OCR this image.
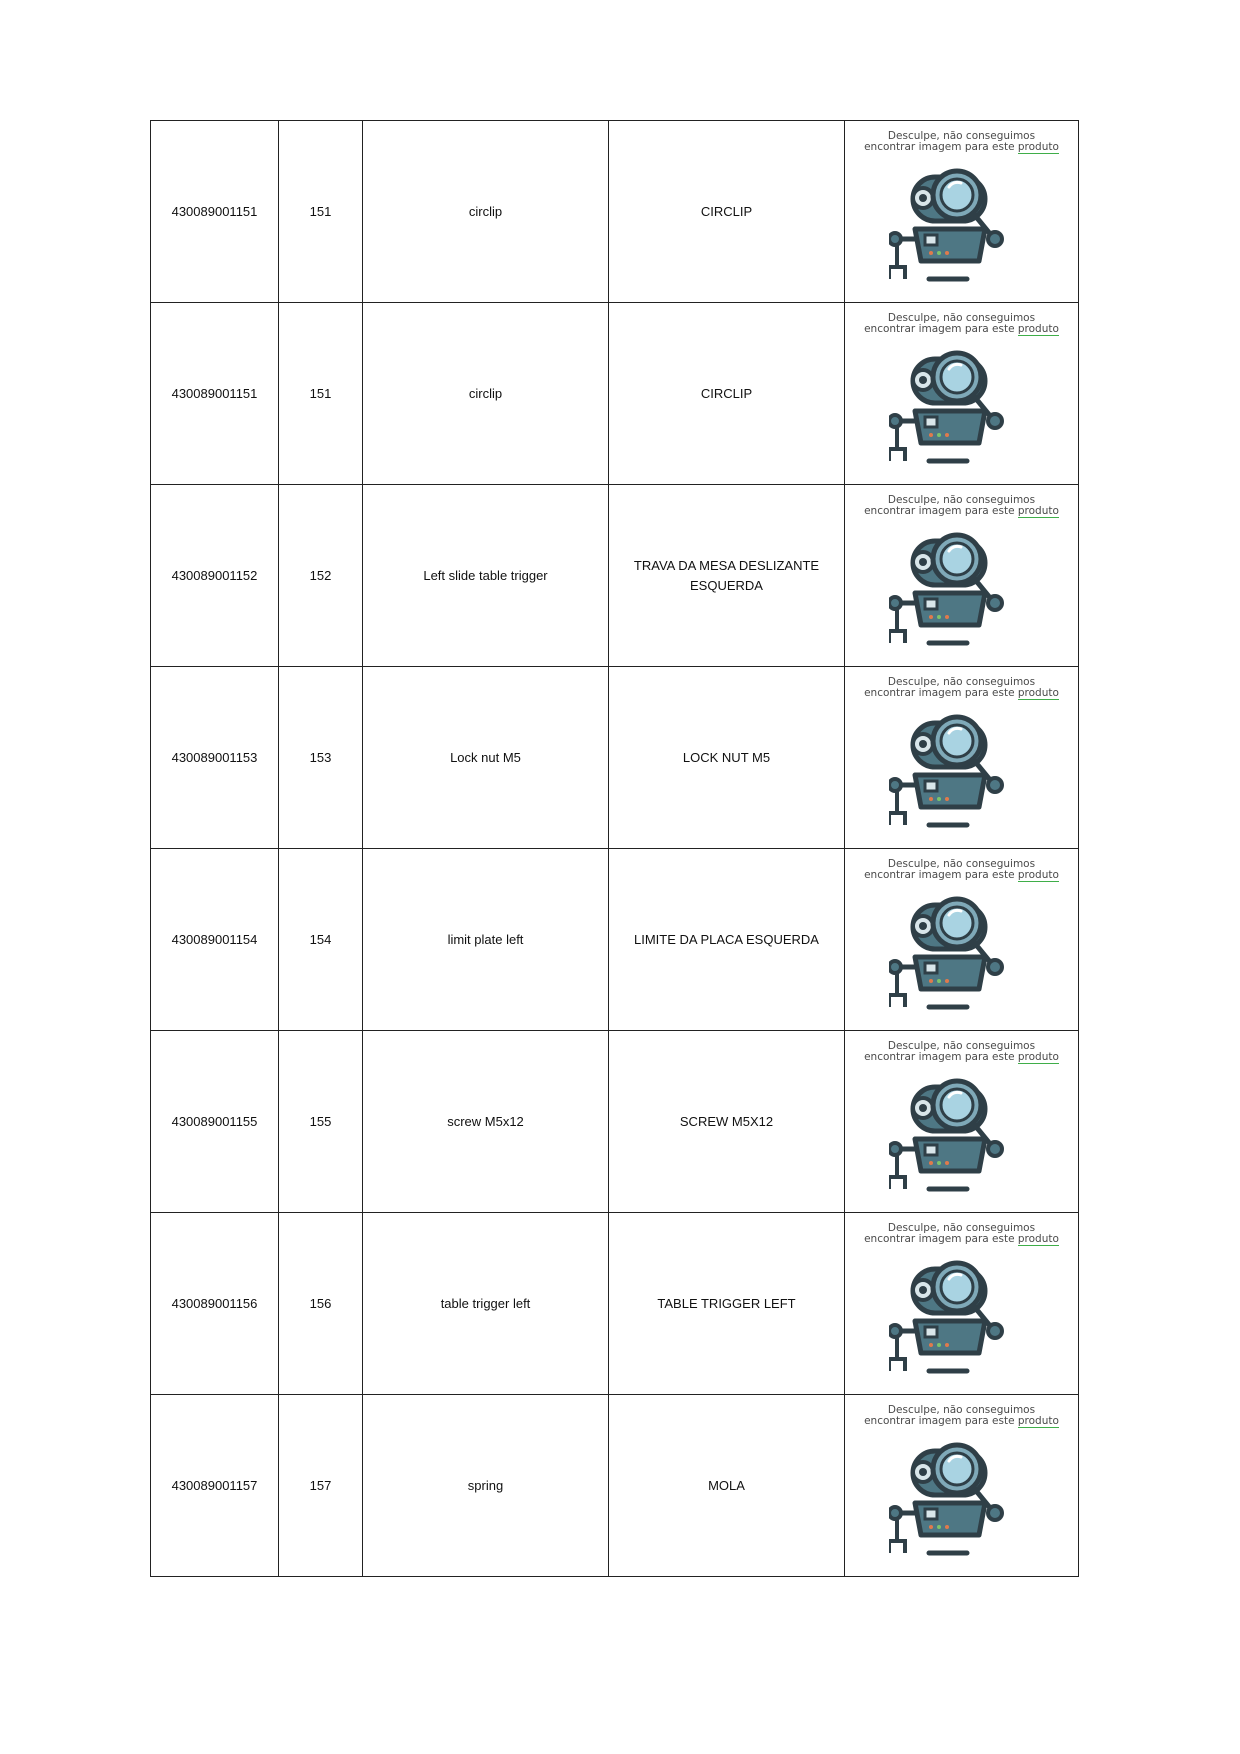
430089001151	151	circlip	CIRCLIP	Desculpe, não conseguimos
encontrar imagem para este produto

430089001151	151	circlip	CIRCLIP	Desculpe, não conseguimos
encontrar imagem para este produto

430089001152	152	Left slide table trigger	TRAVA DA MESA DESLIZANTE ESQUERDA	Desculpe, não conseguimos
encontrar imagem para este produto

430089001153	153	Lock nut M5	LOCK NUT M5	Desculpe, não conseguimos
encontrar imagem para este produto

430089001154	154	limit plate left	LIMITE DA PLACA ESQUERDA	Desculpe, não conseguimos
encontrar imagem para este produto

430089001155	155	screw M5x12	SCREW M5X12	Desculpe, não conseguimos
encontrar imagem para este produto

430089001156	156	table trigger left	TABLE TRIGGER LEFT	Desculpe, não conseguimos
encontrar imagem para este produto

430089001157	157	spring	MOLA	Desculpe, não conseguimos
encontrar imagem para este produto
